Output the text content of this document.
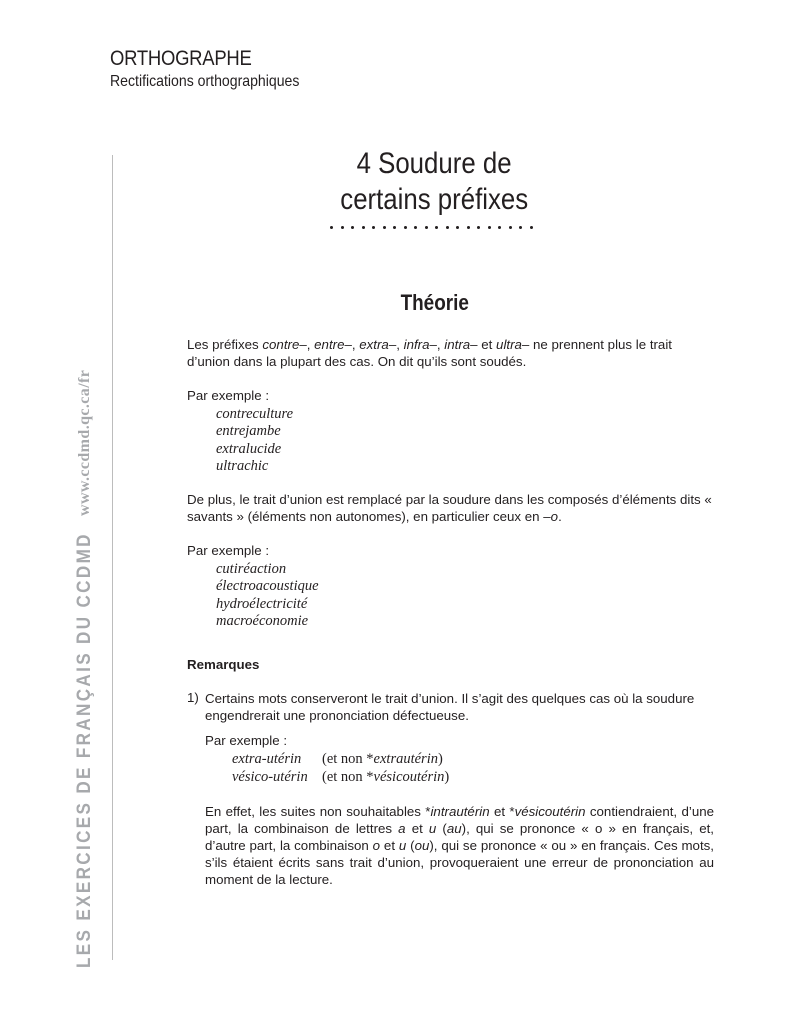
ORTHOGRAPHE
Rectifications orthographiques
LES EXERCICES DE FRANÇAIS DU CCDMD
www.ccdmd.qc.ca/fr
4 Soudure de
certains préfixes
Théorie
Les préfixes contre–, entre–, extra–, infra–, intra– et ultra– ne prennent plus le trait d’union dans la plupart des cas. On dit qu’ils sont soudés.
Par exemple :
contreculture
entrejambe
extralucide
ultrachic
De plus, le trait d’union est remplacé par la soudure dans les composés d’éléments dits « savants » (éléments non autonomes), en particulier ceux en –o.
Par exemple :
cutiréaction
électroacoustique
hydroélectricité
macroéconomie
Remarques
1) Certains mots conserveront le trait d’union. Il s’agit des quelques cas où la soudure engendrerait une prononciation défectueuse.
Par exemple :
extra-utérin (et non *extrautérin)
vésico-utérin (et non *vésicoutérin)
En effet, les suites non souhaitables *intrautérin et *vésicoutérin contiendraient, d’une part, la combinaison de lettres a et u (au), qui se prononce « o » en français, et, d’autre part, la combinaison o et u (ou), qui se prononce « ou » en français. Ces mots, s’ils étaient écrits sans trait d’union, provoqueraient une erreur de prononciation au moment de la lecture.
